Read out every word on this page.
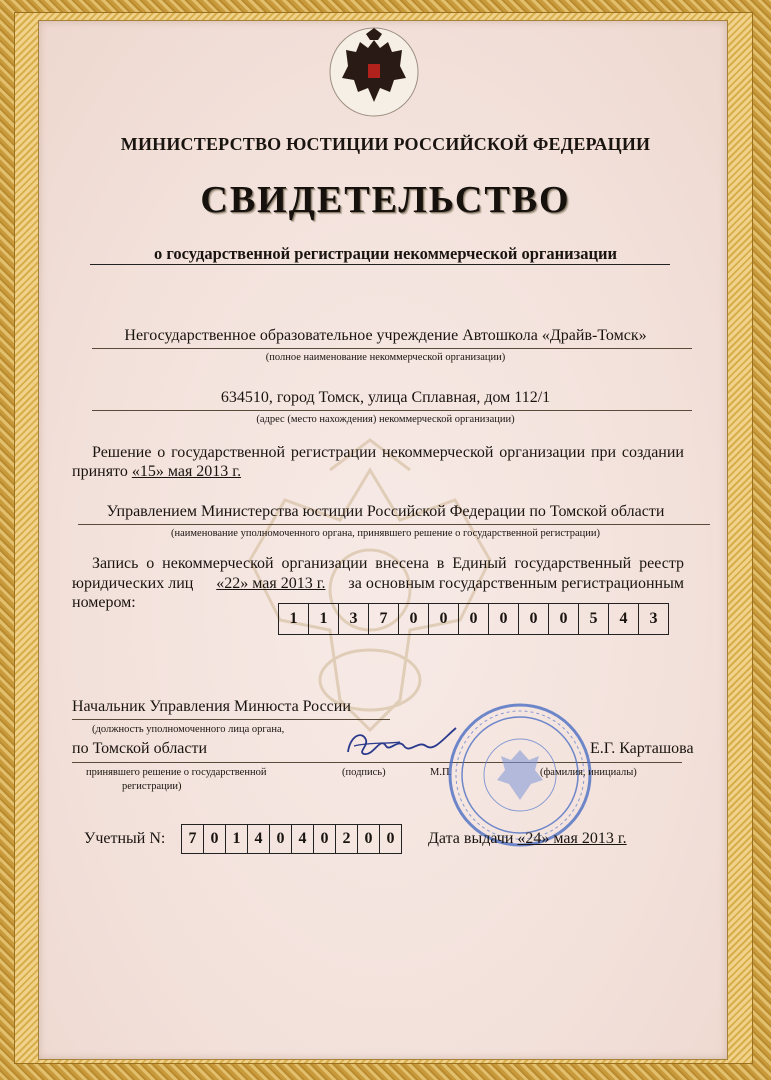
МИНИСТЕРСТВО ЮСТИЦИИ РОССИЙСКОЙ ФЕДЕРАЦИИ
СВИДЕТЕЛЬСТВО
о государственной регистрации некоммерческой организации
Негосударственное образовательное учреждение Автошкола «Драйв-Томск»
(полное наименование некоммерческой организации)
634510, город Томск, улица Сплавная, дом 112/1
(адрес (место нахождения) некоммерческой организации)
Решение о государственной регистрации некоммерческой организации при создании
принято «15» мая 2013 г.
Управлением Министерства юстиции Российской Федерации по Томской области
(наименование уполномоченного органа, принявшего решение о государственной регистрации)
Запись о некоммерческой организации внесена в Единый государственный реестр
юридических лиц «22» мая 2013 г. за основным государственным регистрационным
номером:
1	1	3	7	0	0	0	0	0	0	5	4	3
Начальник Управления Минюста России
(должность уполномоченного лица органа,
по Томской области
принявшего решение о государственной
регистрации)
(подпись)	М.П.
Е.Г. Карташова
(фамилия, инициалы)
Учетный N:	7 0 1 4 0 4 0 2 0 0	Дата выдачи «24» мая 2013 г.
